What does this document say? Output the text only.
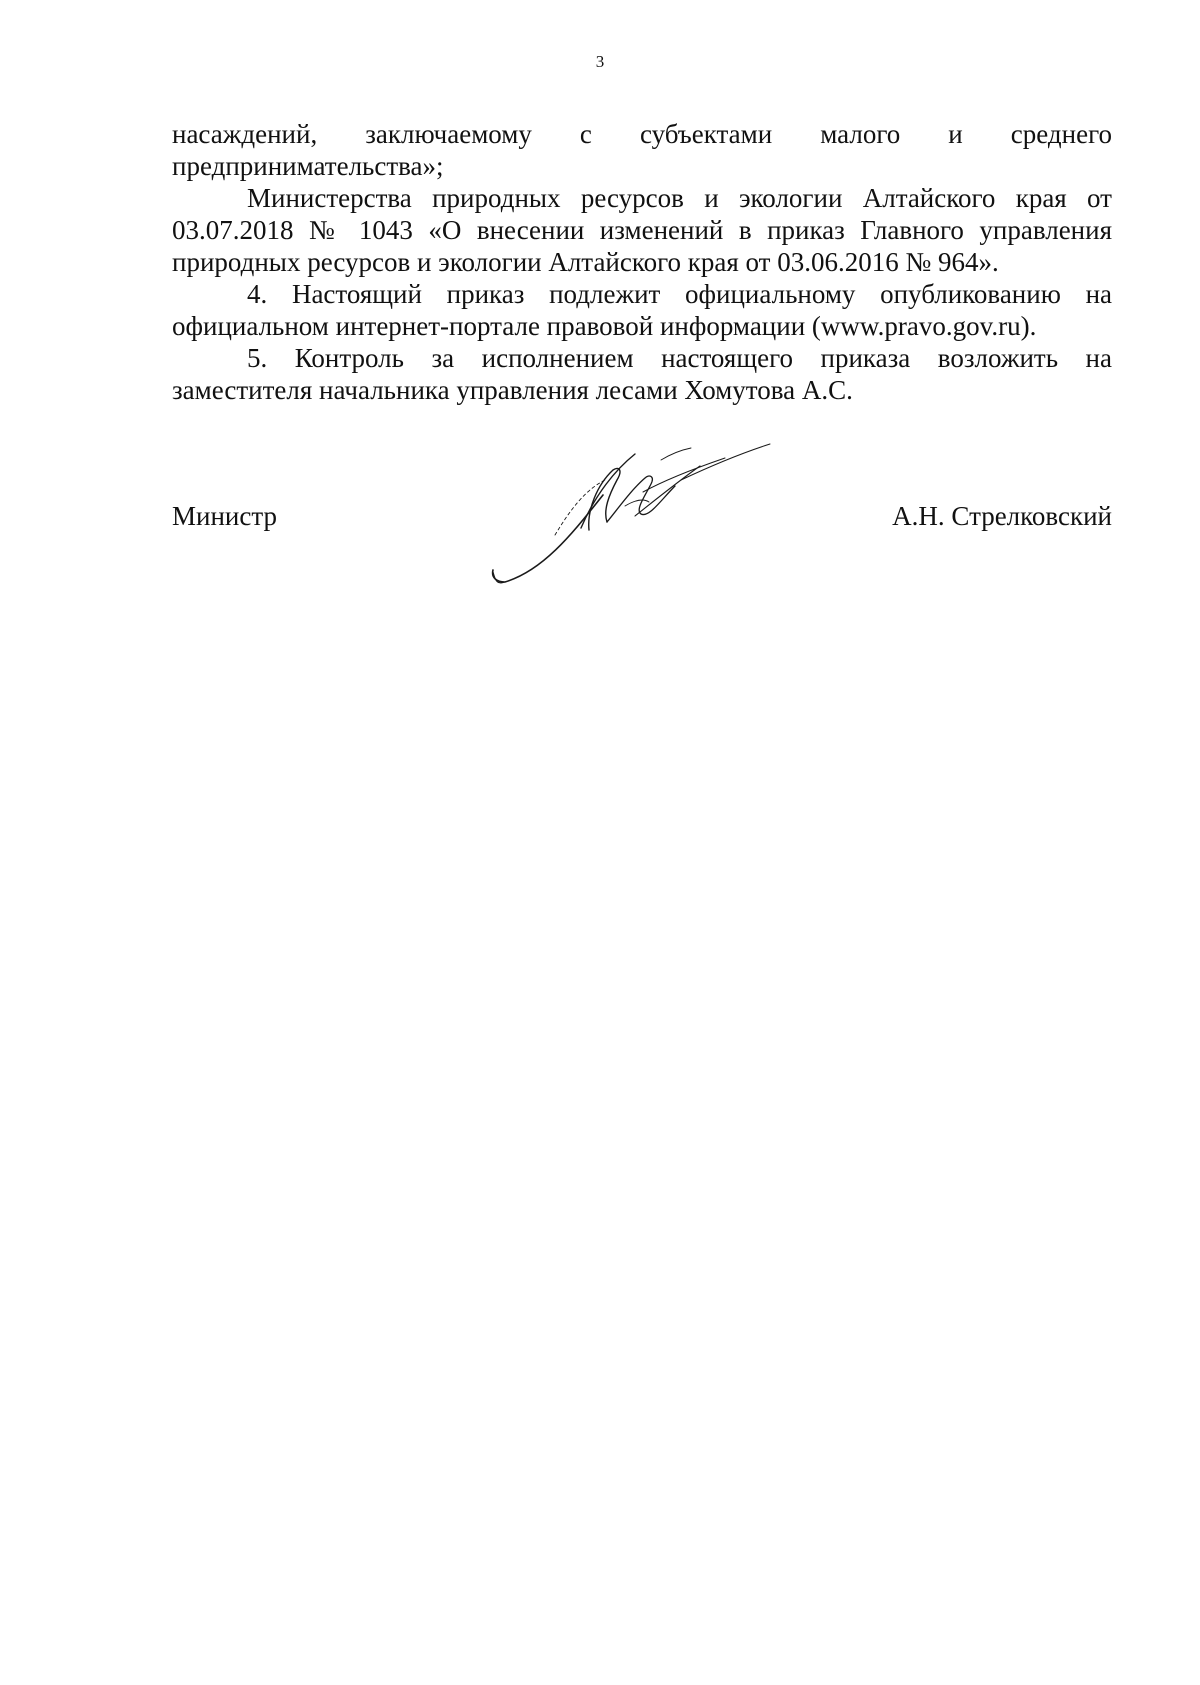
3

насаждений, заключаемому с субъектами малого и среднего

предпринимательства»;

Министерства природных ресурсов и экологии Алтайского края от 03.07.2018 № 1043 «О внесении изменений в приказ Главного управления природных ресурсов и экологии Алтайского края от 03.06.2016 № 964».

4. Настоящий приказ подлежит официальному опубликованию на официальном интернет-портале правовой информации (www.pravo.gov.ru).

5. Контроль за исполнением настоящего приказа возложить на заместителя начальника управления лесами Хомутова А.С.

Министр	А.Н. Стрелковский
